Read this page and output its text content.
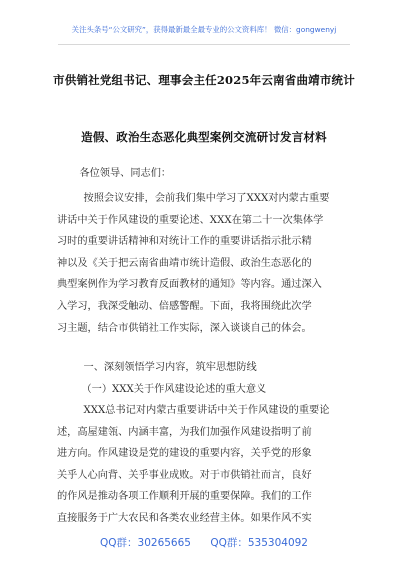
关注头条号“公文研究”，获得最新最全最专业的公文资料库！ 微信：gongwenyj
市供销社党组书记、理事会主任2025年云南省曲靖市统计
造假、政治生态恶化典型案例交流研讨发言材料
各位领导、同志们：
按照会议安排，会前我们集中学习了XXX对内蒙古重要
讲话中关于作风建设的重要论述、XXX在第二十一次集体学
习时的重要讲话精神和对统计工作的重要讲话指示批示精
神以及《关于把云南省曲靖市统计造假、政治生态恶化的
典型案例作为学习教育反面教材的通知》等内容。通过深入
入学习，我深受触动、倍感警醒。下面，我将围绕此次学
习主题，结合市供销社工作实际，深入谈谈自己的体会。
一、深刻领悟学习内容，筑牢思想防线
（一）XXX关于作风建设论述的重大意义
XXX总书记对内蒙古重要讲话中关于作风建设的重要论
述，高屋建瓴、内涵丰富，为我们加强作风建设指明了前
进方向。作风建设是党的建设的重要内容，关乎党的形象
关乎人心向背、关乎事业成败。对于市供销社而言，良好
的作风是推动各项工作顺利开展的重要保障。我们的工作
直接服务于广大农民和各类农业经营主体。如果作风不实
QQ群：30265665 QQ群：535304092
